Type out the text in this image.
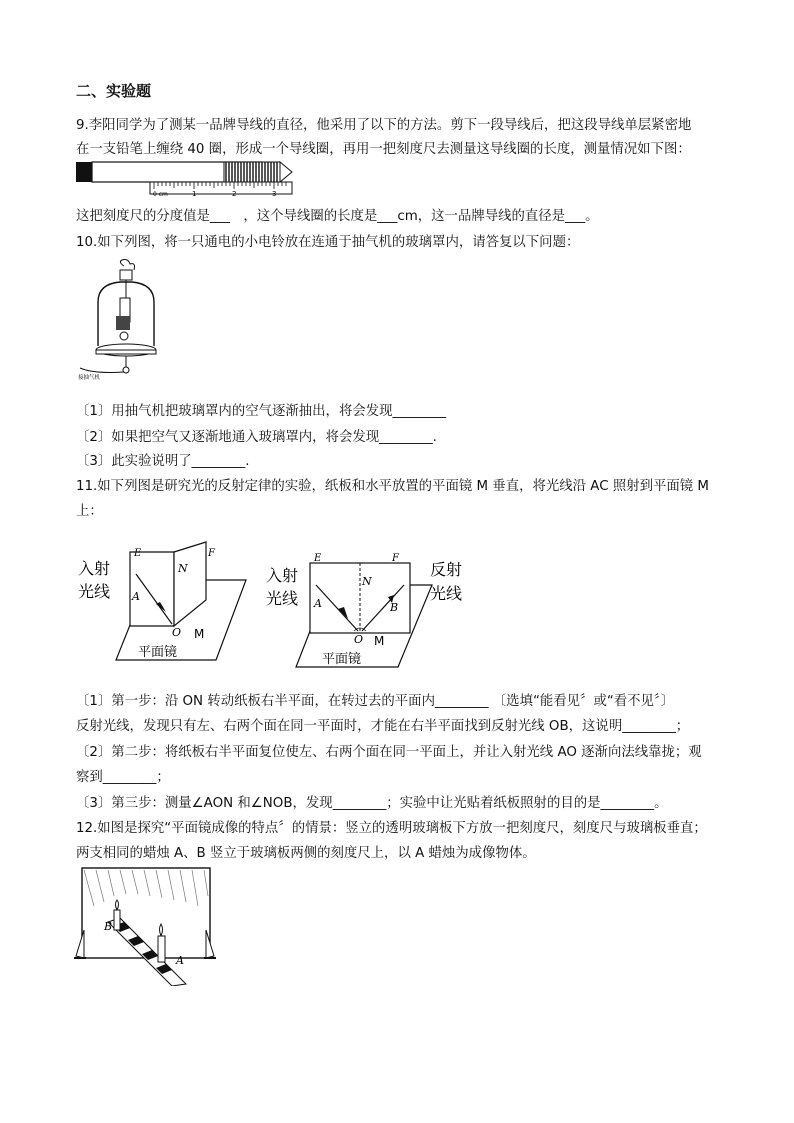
二、实验题
9.李阳同学为了测某一品牌导线的直径，他采用了以下的方法。剪下一段导线后，把这段导线单层紧密地
在一支铅笔上缠绕 40 圈，形成一个导线圈，再用一把刻度尺去测量这导线圈的长度，测量情况如下图：
0 cm	1	2	3
这把刻度尺的分度值是___　，这个导线圈的长度是___cm，这一品牌导线的直径是___。
10.如下列图，将一只通电的小电铃放在连通于抽气机的玻璃罩内，请答复以下问题：
接抽气机
〔1〕用抽气机把玻璃罩内的空气逐渐抽出，将会发现________
〔2〕如果把空气又逐渐地通入玻璃罩内，将会发现________.
〔3〕此实验说明了________.
11.如下列图是研究光的反射定律的实验，纸板和水平放置的平面镜 M 垂直，将光线沿 AC 照射到平面镜 M
上：
入射
光线
E	F
N
A
O M
平面镜
入射
光线
反射
光线
E	F
N
A	B
O M
平面镜
〔1〕第一步：沿 ON 转动纸板右半平面，在转过去的平面内________ 〔选填“能看见〞或“看不见〞〕
反射光线，发现只有左、右两个面在同一平面时，才能在右半平面找到反射光线 OB，这说明________；
〔2〕第二步：将纸板右半平面复位使左、右两个面在同一平面上，并让入射光线 AO 逐渐向法线靠拢；观
察到________；
〔3〕第三步：测量∠AON 和∠NOB，发现________；实验中让光贴着纸板照射的目的是________。
12.如图是探究“平面镜成像的特点〞的情景：竖立的透明玻璃板下方放一把刻度尺，刻度尺与玻璃板垂直；
两支相同的蜡烛 A、B 竖立于玻璃板两侧的刻度尺上，以 A 蜡烛为成像物体。
B
A
